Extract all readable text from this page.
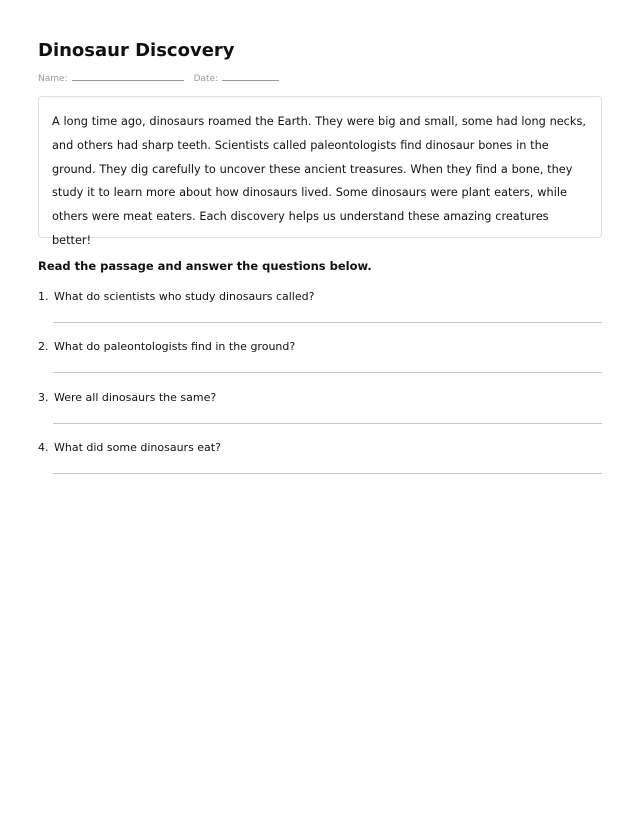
Dinosaur Discovery
Name:	Date:

A long time ago, dinosaurs roamed the Earth. They were big and small, some had long necks, and others had sharp teeth. Scientists called paleontologists find dinosaur bones in the ground. They dig carefully to uncover these ancient treasures. When they find a bone, they study it to learn more about how dinosaurs lived. Some dinosaurs were plant eaters, while others were meat eaters. Each discovery helps us understand these amazing creatures better!

Read the passage and answer the questions below.
1. What do scientists who study dinosaurs called?
2. What do paleontologists find in the ground?
3. Were all dinosaurs the same?
4. What did some dinosaurs eat?
